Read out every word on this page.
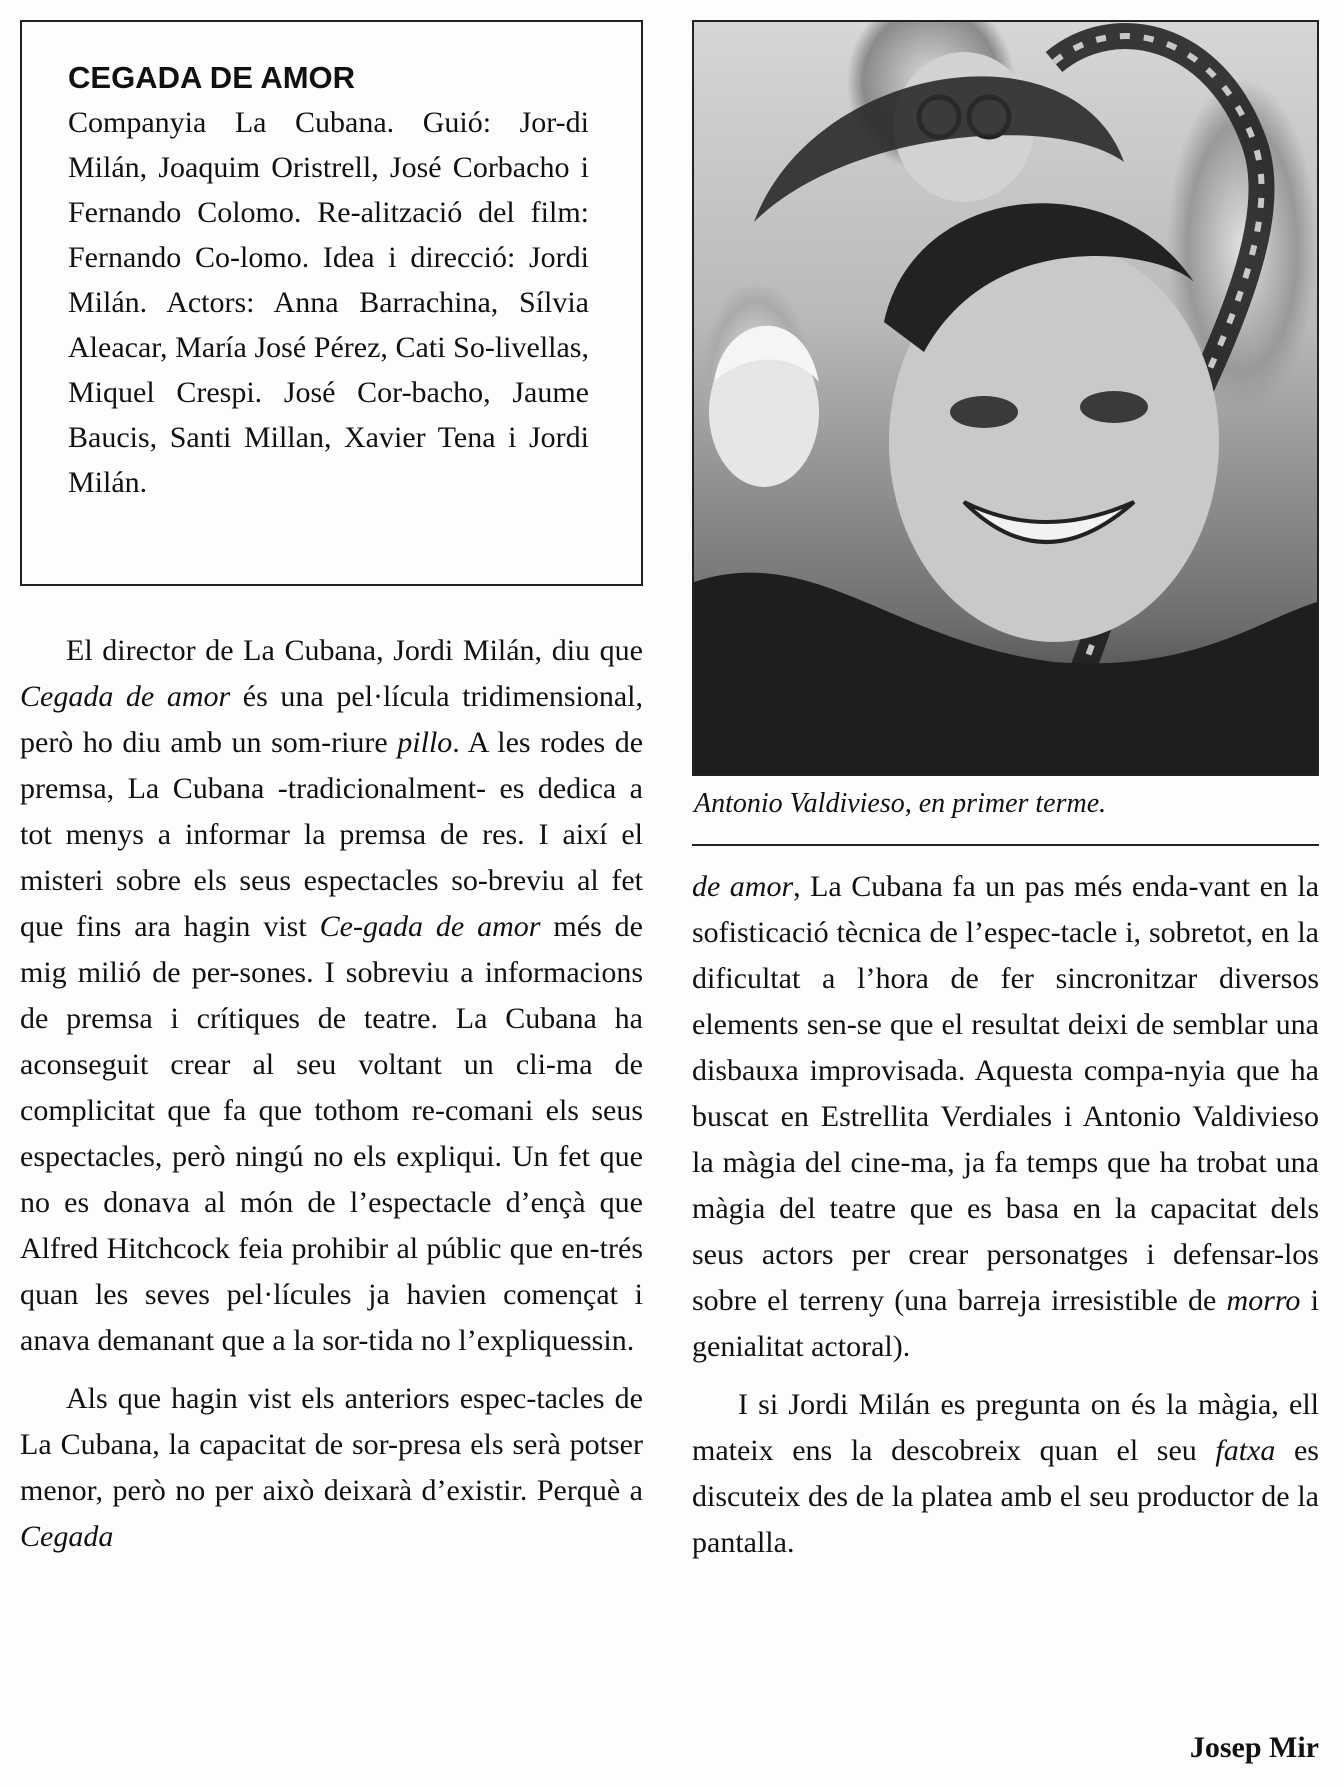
CEGADA DE AMOR
Companyia La Cubana. Guió: Jor-di Milán, Joaquim Oristrell, José Corbacho i Fernando Colomo. Re-alització del film: Fernando Co-lomo. Idea i direcció: Jordi Milán. Actors: Anna Barrachina, Sílvia Aleacar, María José Pérez, Cati So-livellas, Miquel Crespi. José Cor-bacho, Jaume Baucis, Santi Millan, Xavier Tena i Jordi Milán.

El director de La Cubana, Jordi Milán, diu que Cegada de amor és una pel·lícula tridimensional, però ho diu amb un som-riure pillo. A les rodes de premsa, La Cubana -tradicionalment- es dedica a tot menys a informar la premsa de res. I així el misteri sobre els seus espectacles so-breviu al fet que fins ara hagin vist Ce-gada de amor més de mig milió de per-sones. I sobreviu a informacions de premsa i crítiques de teatre. La Cubana ha aconseguit crear al seu voltant un cli-ma de complicitat que fa que tothom re-comani els seus espectacles, però ningú no els expliqui. Un fet que no es donava al món de l’espectacle d’ençà que Alfred Hitchcock feia prohibir al públic que en-trés quan les seves pel·lícules ja havien començat i anava demanant que a la sor-tida no l’expliquessin.

Als que hagin vist els anteriors espec-tacles de La Cubana, la capacitat de sor-presa els serà potser menor, però no per això deixarà d’existir. Perquè a Cegada

Antonio Valdivieso, en primer terme.

de amor, La Cubana fa un pas més enda-vant en la sofisticació tècnica de l’espec-tacle i, sobretot, en la dificultat a l’hora de fer sincronitzar diversos elements sen-se que el resultat deixi de semblar una disbauxa improvisada. Aquesta compa-nyia que ha buscat en Estrellita Verdiales i Antonio Valdivieso la màgia del cine-ma, ja fa temps que ha trobat una màgia del teatre que es basa en la capacitat dels seus actors per crear personatges i defensar-los sobre el terreny (una barreja irresistible de morro i genialitat actoral).

I si Jordi Milán es pregunta on és la màgia, ell mateix ens la descobreix quan el seu fatxa es discuteix des de la platea amb el seu productor de la pantalla.

Josep Mir
